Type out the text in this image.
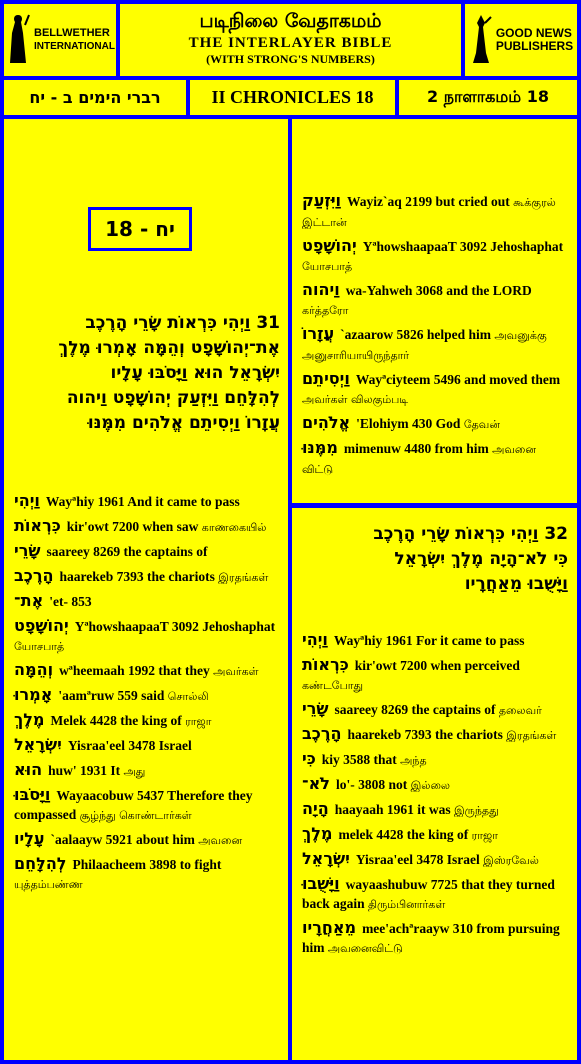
BELLWETHER
INTERNATIONAL
படிநிலை வேதாகமம்
THE INTERLAYER BIBLE
(WITH STRONG'S NUMBERS)
GOOD NEWS
PUBLISHERS
רברי הימים ב - יח	II CHRONICLES 18	2 நாளாகமம் 18
יח - 18
31 וַיְהִי כִּרְאוֹת שָׂרֵי הָרֶכֶב
אֶת־יְהוֹשָׁפָט וְהֵמָּה אָמְרוּ מֶלֶךְ
יִשְׂרָאֵל הוּא וַיָּסֹבּוּ עָלָיו
לְהִלָּחֵם וַיִּזְעַק יְהוֹשָׁפָט וַיהוה
עֲזָרוֹ וַיְסִיתֵם אֱלֹהִים מִמֶּנּוּ
וַיְהִי Wayªhiy 1961 And it came to pass
כִּרְאוֹת kir'owt 7200 when saw காணகையில்
שָׂרֵי saareey 8269 the captains of
הָרֶכֶב haarekeb 7393 the chariots இரதங்கள்
אֶת־ 'et- 853
יְהוֹשָׁפָט YªhowshaapaaT 3092 Jehoshaphat யோசபாத்
וְהֵמָּה wªheemaah 1992 that they அவர்கள்
אָמְרוּ 'aamªruw 559 said சொல்லி
מֶלֶךְ Melek 4428 the king of ராஜா
יִשְׂרָאֵל Yisraa'eel 3478 Israel
הוּא huw' 1931 It அது
וַיָּסֹבּוּ Wayaacobuw 5437 Therefore they compassed சூழ்ந்து கொண்டார்கள்
עָלָיו `aalaayw 5921 about him அவனை
לְהִלָּחֵם Philaacheem 3898 to fight யுத்தம்பண்ண
וַיִּזְעַק Wayiz`aq 2199 but cried out கூக்குரல் இட்டான்
יְהוֹשָׁפָט YªhowshaapaaT 3092 Jehoshaphat யோசபாத்
וַיהוה wa-Yahweh 3068 and the LORD கர்த்தரோ
עֲזָרוֹ `azaarow 5826 helped him அவனுக்கு அனுசாரியாயிருந்தார்
וַיְסִיתֵם Wayªciyteem 5496 and moved them அவர்கள் விலகும்படி
אֱלֹהִים 'Elohiym 430 God தேவன்
מִמֶּנּוּ mimenuw 4480 from him அவனை விட்டு
32 וַיְהִי כִּרְאוֹת שָׂרֵי הָרֶכֶב
כִּי לֹא־הָיָה מֶלֶךְ יִשְׂרָאֵל
וַיָּשֻׁבוּ מֵאַחֲרָיו
וַיְהִי Wayªhiy 1961 For it came to pass
כִּרְאוֹת kir'owt 7200 when perceived கண்டபோது
שָׂרֵי saareey 8269 the captains of தலைவர்
הָרֶכֶב haarekeb 7393 the chariots இரதங்கள்
כִּי kiy 3588 that அந்த
לֹא־ lo'- 3808 not இல்லை
הָיָה haayaah 1961 it was இருந்தது
מֶלֶךְ melek 4428 the king of ராஜா
יִשְׂרָאֵל Yisraa'eel 3478 Israel இஸ்ரவேல்
וַיָּשֻׁבוּ wayaashubuw 7725 that they turned back again திரும்பினார்கள்
מֵאַחֲרָיו mee'achªraayw 310 from pursuing him அவனைவிட்டு
